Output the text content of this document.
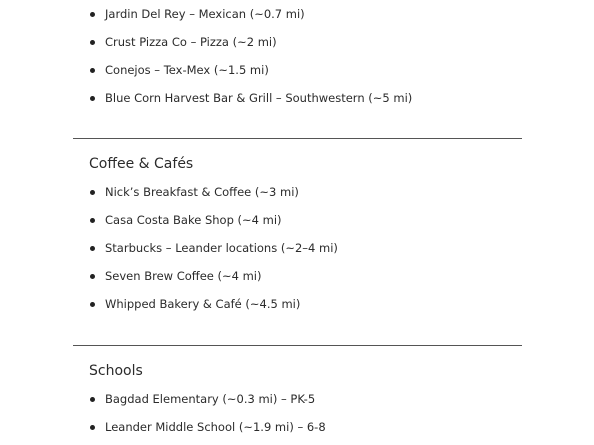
Jardin Del Rey – Mexican (~0.7 mi)
Crust Pizza Co – Pizza (~2 mi)
Conejos – Tex-Mex (~1.5 mi)
Blue Corn Harvest Bar & Grill – Southwestern (~5 mi)
Coffee & Cafés
Nick’s Breakfast & Coffee (~3 mi)
Casa Costa Bake Shop (~4 mi)
Starbucks – Leander locations (~2–4 mi)
Seven Brew Coffee (~4 mi)
Whipped Bakery & Café (~4.5 mi)
Schools
Bagdad Elementary (~0.3 mi) – PK-5
Leander Middle School (~1.9 mi) – 6-8
